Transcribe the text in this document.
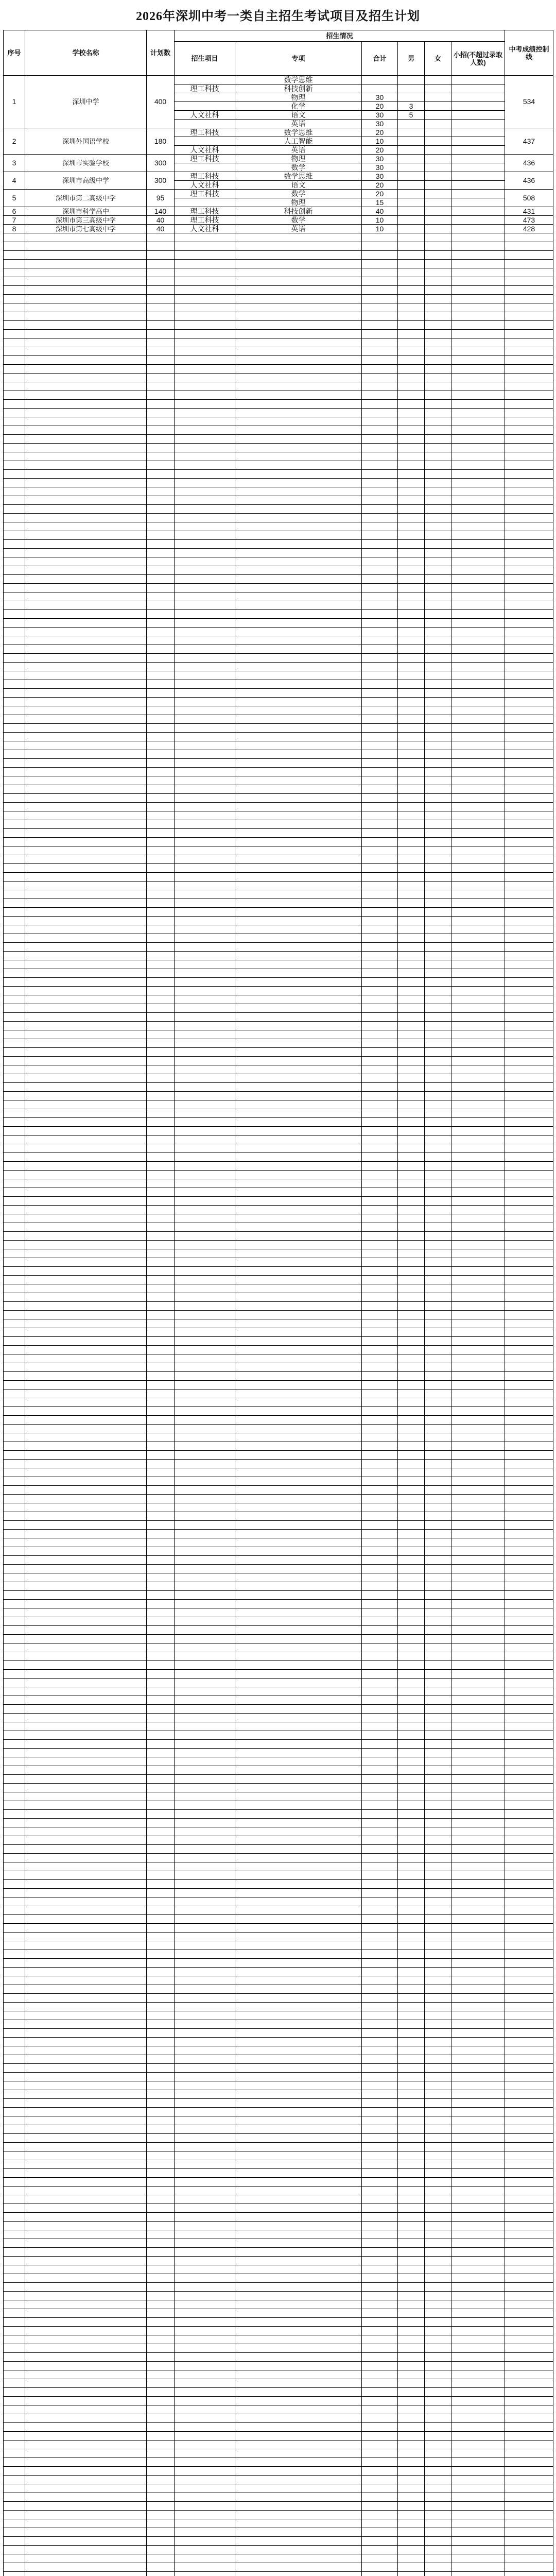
2026年深圳中考一类自主招生考试项目及招生计划
序号	学校名称	计划数	招生情况						中考成绩控制线
			招生项目	专项	合计	男	女	小招(不超过录取人数)	
1	深圳中学	400		数学思维					534
			理工科技	科技创新					
				物理	30				
				化学	20	3			
			人文社科	语文	30	5			
				英语	30				
2	深圳外国语学校	180	理工科技	数学思维	20				437
				人工智能	10				
			人文社科	英语	20				
3	深圳市实验学校	300	理工科技	物理	30				436
				数学	30				
4	深圳市高级中学	300	理工科技	数学思维	30				436
			人文社科	语文	20				
5	深圳市第二高级中学	95	理工科技	数学	20				508
				物理	15				
6	深圳市科学高中	140	理工科技	科技创新	40				431
7	深圳市第三高级中学	40	理工科技	数学	10				473
8	深圳市第七高级中学	40	人文社科	英语	10				428
